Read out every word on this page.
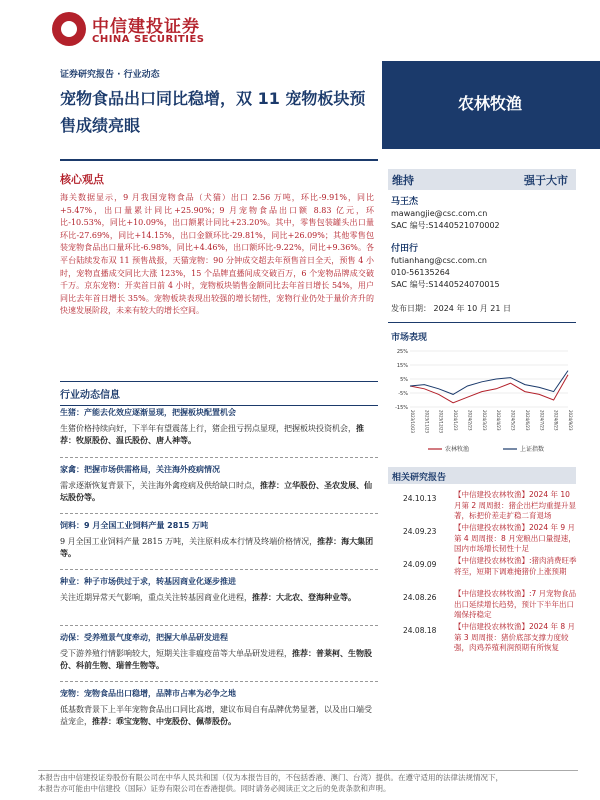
中信建投证券
CHINA SECURITIES
证券研究报告 · 行业动态
宠物食品出口同比稳增，双 11 宠物板块预售成绩亮眼
农林牧渔
核心观点
海关数据显示，9 月我国宠物食品（犬猫）出口 2.56 万吨，环比-9.91%，同比+5.47%，出口量累计同比+25.90%；9 月宠物食品出口额 8.83 亿元，环比-10.53%，同比+10.09%，出口额累计同比+23.20%。其中，零售包装罐头出口量环比-27.69%，同比+14.15%，出口金额环比-29.81%，同比+26.09%；其他零售包装宠物食品出口量环比-6.98%，同比+4.46%，出口额环比-9.22%，同比+9.36%。各平台陆续发布双 11 预售战报，天猫宠物：90 分钟成交超去年预售首日全天，预售 4 小时，宠物直播成交同比大涨 123%，15 个品牌直播间成交破百万，6 个宠物品牌成交破千万。京东宠物：开卖首日前 4 小时，宠物板块销售金额同比去年首日增长 54%，用户同比去年首日增长 35%。宠物板块表现出较强的增长韧性，宠物行业仍处于量价齐升的快速发展阶段，未来有较大的增长空间。
行业动态信息
生猪：产能去化效应逐渐显现，把握板块配置机会
生猪价格持续向好，下半年有望震荡上行，猪企扭亏拐点显现，把握板块投资机会，推荐：牧原股份、温氏股份、唐人神等。
家禽：把握市场供需格局，关注海外疫病情况
需求逐渐恢复背景下，关注海外禽疫病及供给缺口时点，推荐：立华股份、圣农发展、仙坛股份等。
饲料：9 月全国工业饲料产量 2815 万吨
9 月全国工业饲料产量 2815 万吨，关注原料成本行情及终端价格情况，推荐：海大集团等。
种业：种子市场供过于求，转基因商业化逐步推进
关注近期异常天气影响，重点关注转基因商业化进程，推荐：大北农、登海种业等。
动保：受养殖景气度牵动，把握大单品研发进程
受下游养殖行情影响较大，短期关注非瘟疫苗等大单品研发进程，推荐：普莱柯、生物股份、科前生物、瑞普生物等。
宠物：宠物食品出口稳增，品牌市占率为必争之地
低基数背景下上半年宠物食品出口同比高增，建议布局自有品牌优势显著，以及出口端受益宠企，推荐：乖宝宠物、中宠股份、佩蒂股份。
维持	强于大市
马王杰
mawangjie@csc.com.cn
SAC 编号:S1440521070002
付田行
futianhang@csc.com.cn
010-56135264
SAC 编号:S1440524070015
发布日期： 2024 年 10 月 21 日
市场表现
25%
15%
5%
-5%
-15%
2023/10/23 2023/11/23 2023/12/23 2024/1/23 2024/2/23 2024/3/23 2024/4/23 2024/5/23 2024/6/23 2024/7/23 2024/8/23 2024/9/23
农林牧渔	上证指数
相关研究报告
24.10.13 【中信建投农林牧渔】2024 年 10 月第 2 周周报：猪企出栏均重提升显著，标把价差走扩稳二育退场
24.09.23 【中信建投农林牧渔】2024 年 9 月第 4 周周报：8 月宠粮出口量提速，国内市场增长韧性十足
24.09.09 【中信建投农林牧渔】:猪肉消费旺季将至，短期下调难掩猪价上涨预期
24.08.26 【中信建投农林牧渔】:7 月宠物食品出口延续增长趋势，预计下半年出口端保持稳定
24.08.18 【中信建投农林牧渔】2024 年 8 月第 3 周周报：猪价底部支撑力度较强，肉鸡养殖利润预期有所恢复
本报告由中信建投证券股份有限公司在中华人民共和国（仅为本报告目的，不包括香港、澳门、台湾）提供。在遵守适用的法律法规情况下，
本报告亦可能由中信建投（国际）证券有限公司在香港提供。同时请务必阅读正文之后的免责条款和声明。
